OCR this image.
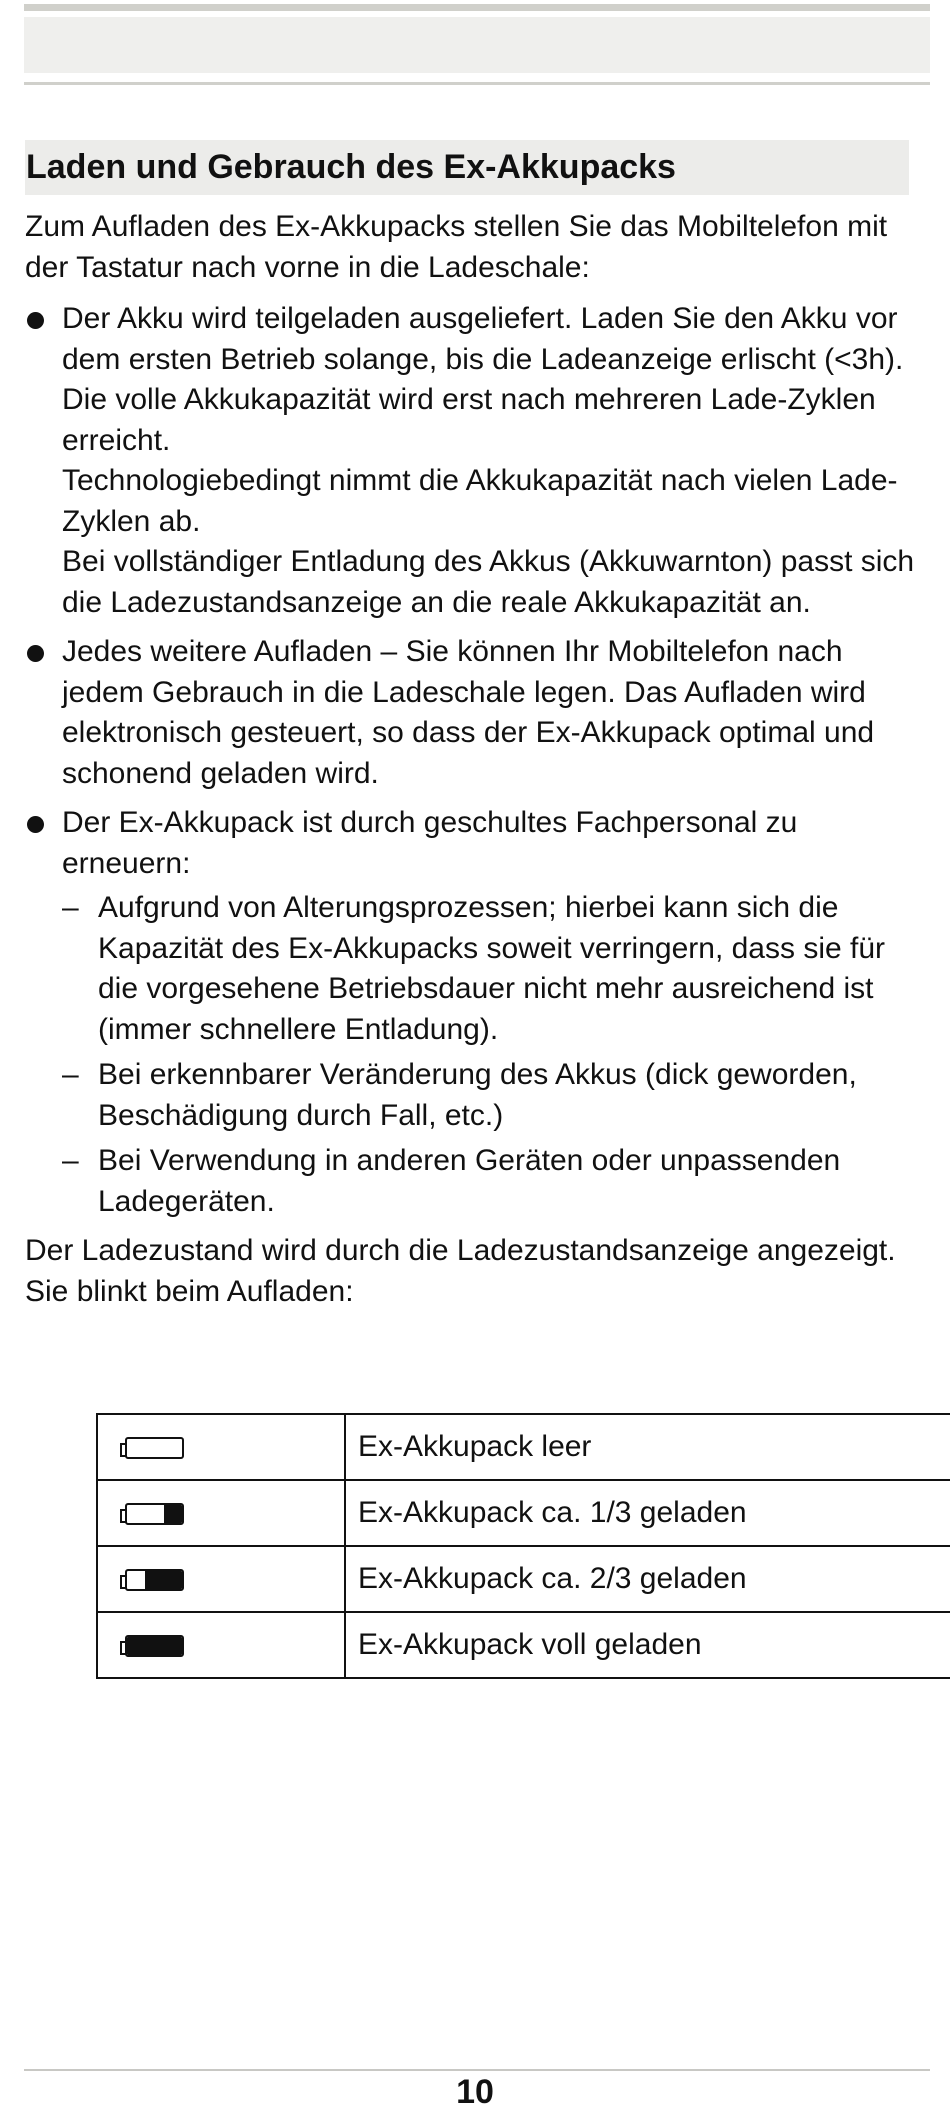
Laden und Gebrauch des Ex-Akkupacks

Zum Aufladen des Ex-Akkupacks stellen Sie das Mobiltelefon mit der Tastatur nach vorne in die Ladeschale:

Der Akku wird teilgeladen ausgeliefert. Laden Sie den Akku vor dem ersten Betrieb solange, bis die Ladeanzeige erlischt (<3h). Die volle Akkukapazität wird erst nach mehreren Lade-Zyklen erreicht.

Technologiebedingt nimmt die Akkukapazität nach vielen Lade-Zyklen ab.

Bei vollständiger Entladung des Akkus (Akkuwarnton) passt sich die Ladezustandsanzeige an die reale Akkukapazität an.

Jedes weitere Aufladen – Sie können Ihr Mobiltelefon nach jedem Gebrauch in die Ladeschale legen. Das Aufladen wird elektronisch gesteuert, so dass der Ex-Akkupack optimal und schonend geladen wird.

Der Ex-Akkupack ist durch geschultes Fachpersonal zu erneuern:

– Aufgrund von Alterungsprozessen; hierbei kann sich die Kapazität des Ex-Akkupacks soweit verringern, dass sie für die vorgesehene Betriebsdauer nicht mehr ausreichend ist (immer schnellere Entladung).
– Bei erkennbarer Veränderung des Akkus (dick geworden, Beschädigung durch Fall, etc.)
– Bei Verwendung in anderen Geräten oder unpassenden Ladegeräten.

Der Ladezustand wird durch die Ladezustandsanzeige angezeigt. Sie blinkt beim Aufladen:

	Ex-Akkupack leer

	Ex-Akkupack ca. 1/3 geladen

	Ex-Akkupack ca. 2/3 geladen

	Ex-Akkupack voll geladen
10
